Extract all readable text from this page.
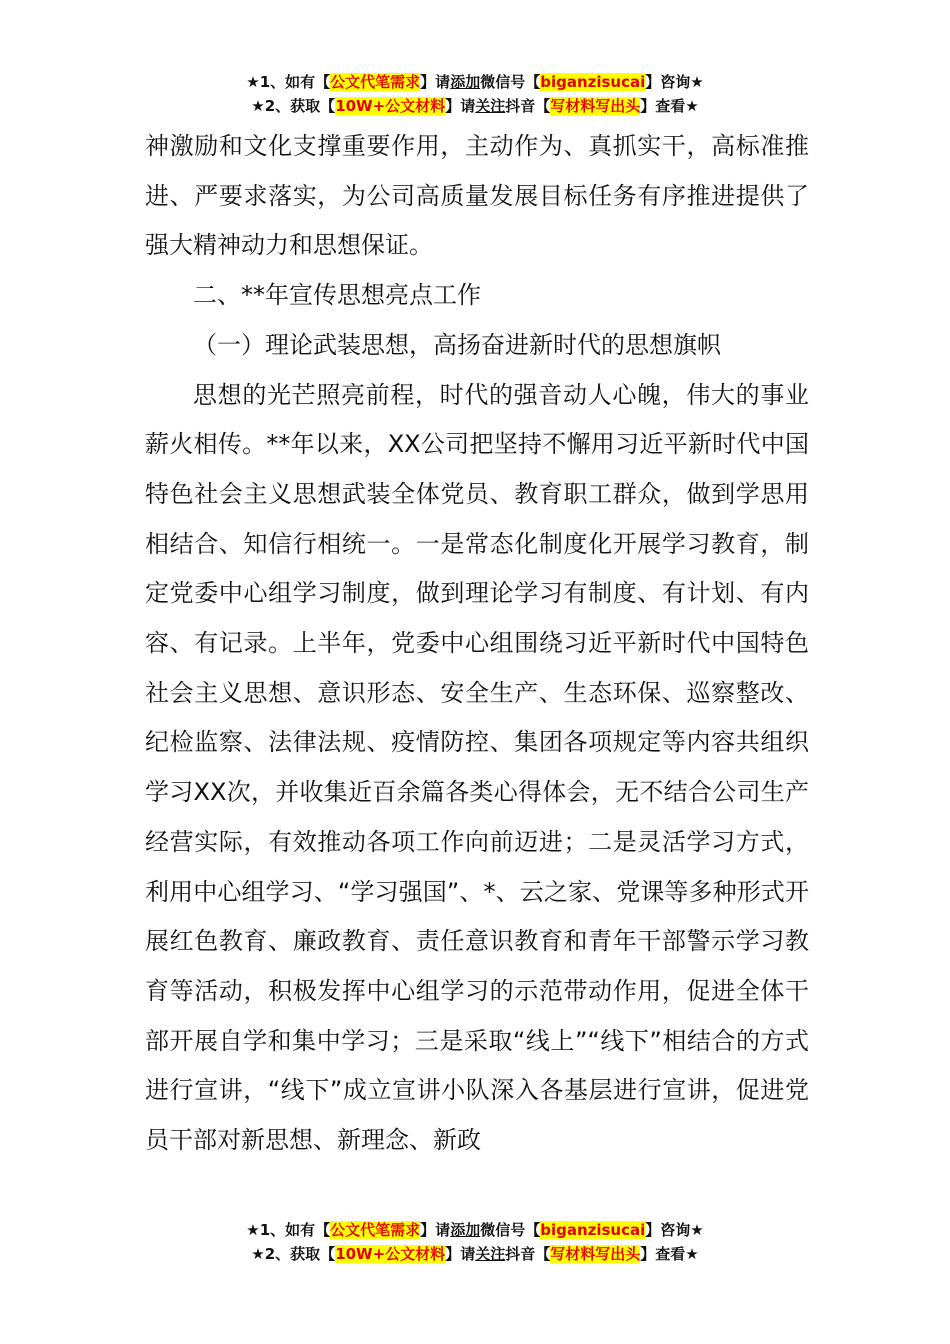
★1、如有【公文代笔需求】请添加微信号【biganzisucai】咨询★
★2、获取【10W+公文材料】请关注抖音【写材料写出头】查看★

神激励和文化支撑重要作用，主动作为、真抓实干，高标准推进、严要求落实，为公司高质量发展目标任务有序推进提供了强大精神动力和思想保证。

二、**年宣传思想亮点工作

（一）理论武装思想，高扬奋进新时代的思想旗帜

思想的光芒照亮前程，时代的强音动人心魄，伟大的事业薪火相传。**年以来，XX公司把坚持不懈用习近平新时代中国特色社会主义思想武装全体党员、教育职工群众，做到学思用相结合、知信行相统一。一是常态化制度化开展学习教育，制定党委中心组学习制度，做到理论学习有制度、有计划、有内容、有记录。上半年，党委中心组围绕习近平新时代中国特色社会主义思想、意识形态、安全生产、生态环保、巡察整改、纪检监察、法律法规、疫情防控、集团各项规定等内容共组织学习XX次，并收集近百余篇各类心得体会，无不结合公司生产经营实际，有效推动各项工作向前迈进；二是灵活学习方式，利用中心组学习、“学习强国”、*、云之家、党课等多种形式开展红色教育、廉政教育、责任意识教育和青年干部警示学习教育等活动，积极发挥中心组学习的示范带动作用，促进全体干部开展自学和集中学习；三是采取“线上”“线下”相结合的方式进行宣讲，“线下”成立宣讲小队深入各基层进行宣讲，促进党员干部对新思想、新理念、新政

★1、如有【公文代笔需求】请添加微信号【biganzisucai】咨询★
★2、获取【10W+公文材料】请关注抖音【写材料写出头】查看★
